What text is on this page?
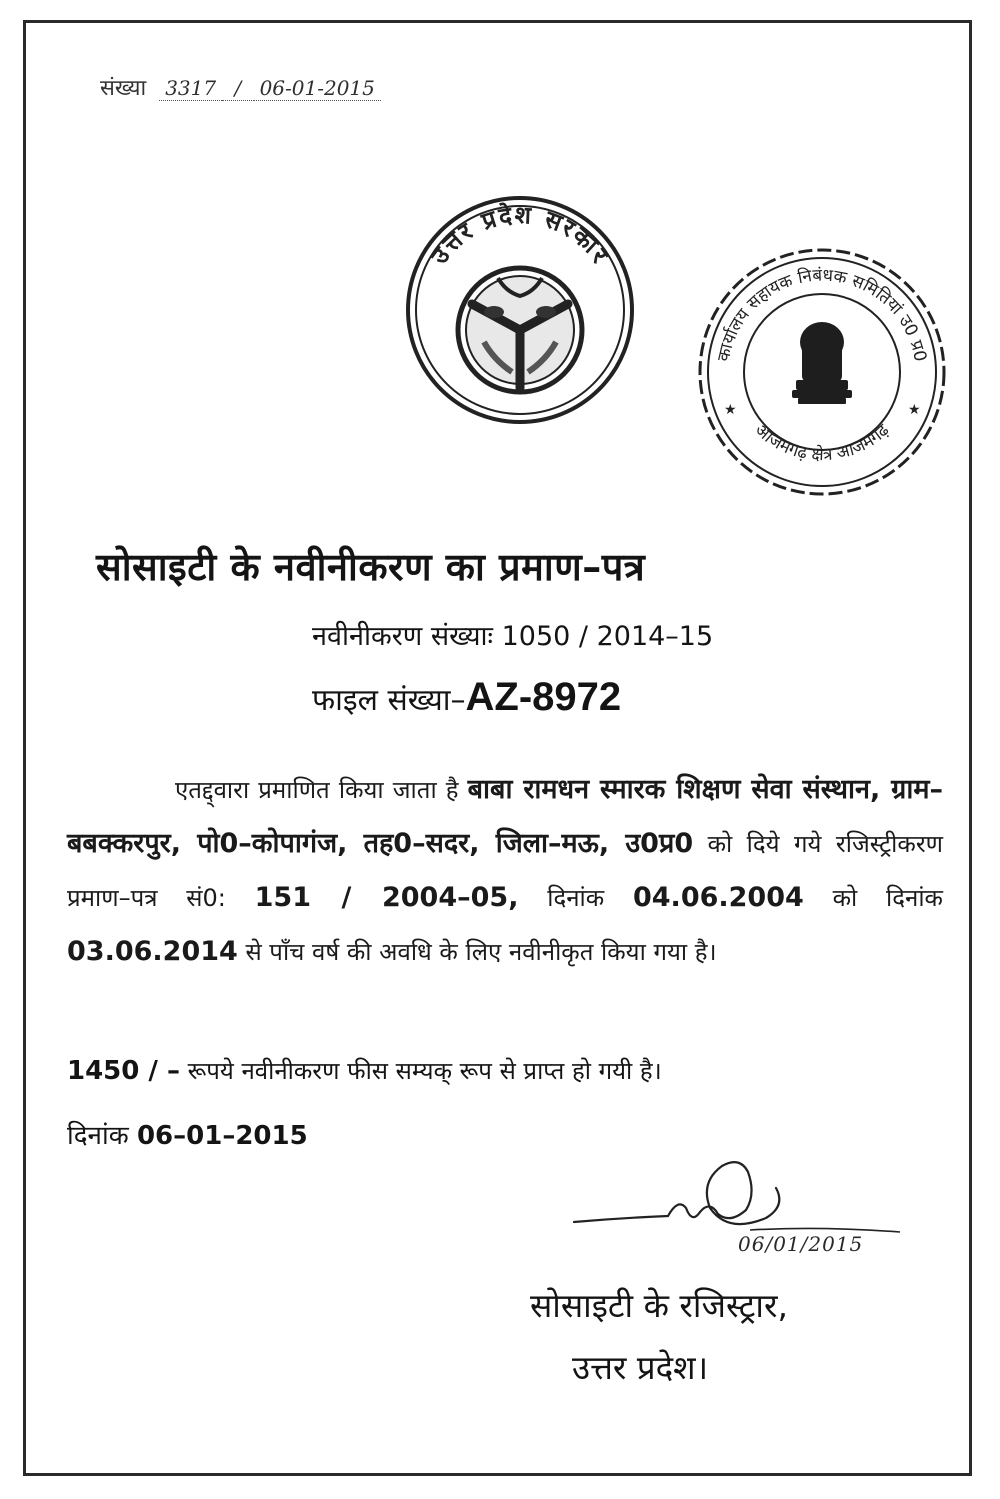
संख्या 3317 / 06-01-2015
उत्तर प्रदेश सरकार
कार्यालय सहायक निबंधक समितियां उ0 प्र0
आजमगढ़ क्षेत्र आजमगढ़
★	★
सोसाइटी के नवीनीकरण का प्रमाण–पत्र
नवीनीकरण संख्याः 1050 / 2014–15
फाइल संख्या–AZ-8972
एतद्द्वारा प्रमाणित किया जाता है बाबा रामधन स्मारक शिक्षण सेवा संस्थान, ग्राम–बबक्करपुर, पो0–कोपागंज, तह0–सदर, जिला–मऊ, उ0प्र0 को दिये गये रजिस्ट्रीकरण प्रमाण–पत्र सं0: 151 / 2004–05, दिनांक 04.06.2004 को दिनांक 03.06.2014 से पाँच वर्ष की अवधि के लिए नवीनीकृत किया गया है।
1450 / – रूपये नवीनीकरण फीस सम्यक् रूप से प्राप्त हो गयी है।
दिनांक 06–01–2015
06/01/2015
सोसाइटी के रजिस्ट्रार,
उत्तर प्रदेश।
